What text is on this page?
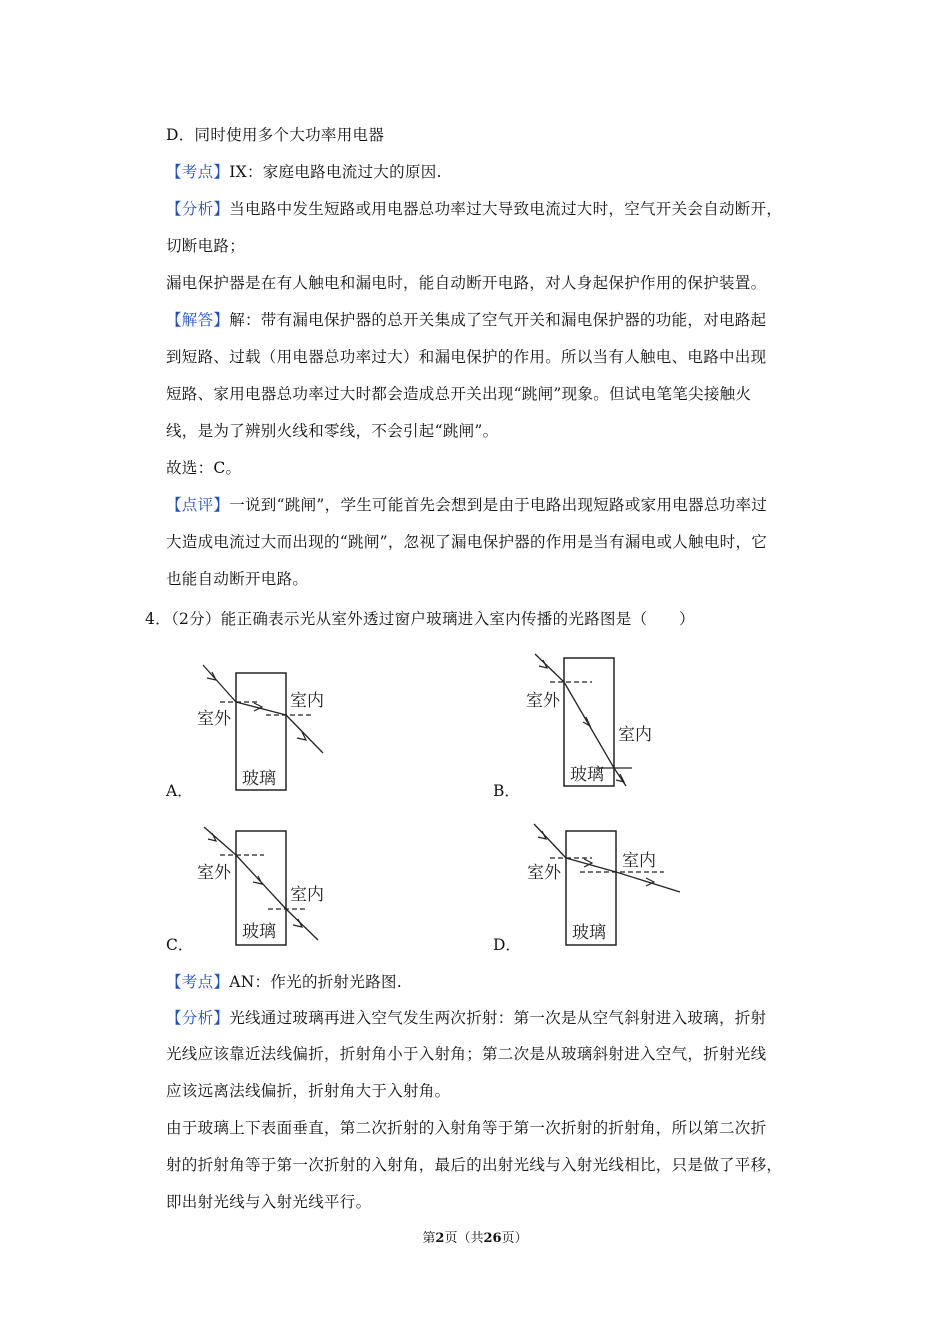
D．同时使用多个大功率用电器
【考点】IX：家庭电路电流过大的原因.
【分析】当电路中发生短路或用电器总功率过大导致电流过大时，空气开关会自动断开，
切断电路；
漏电保护器是在有人触电和漏电时，能自动断开电路，对人身起保护作用的保护装置。
【解答】解：带有漏电保护器的总开关集成了空气开关和漏电保护器的功能，对电路起
到短路、过载（用电器总功率过大）和漏电保护的作用。所以当有人触电、电路中出现
短路、家用电器总功率过大时都会造成总开关出现“跳闸”现象。但试电笔笔尖接触火
线，是为了辨别火线和零线，不会引起“跳闸”。
故选：C。
【点评】一说到“跳闸”，学生可能首先会想到是由于电路出现短路或家用电器总功率过
大造成电流过大而出现的“跳闸”，忽视了漏电保护器的作用是当有漏电或人触电时，它
也能自动断开电路。
4．（2分）能正确表示光从室外透过窗户玻璃进入室内传播的光路图是（　　）
室外
室内
玻璃
A．
室外
室内
玻璃
B．
室外
室内
玻璃
C．
室外
室内
玻璃
D．
【考点】AN：作光的折射光路图.
【分析】光线通过玻璃再进入空气发生两次折射：第一次是从空气斜射进入玻璃，折射
光线应该靠近法线偏折，折射角小于入射角；第二次是从玻璃斜射进入空气，折射光线
应该远离法线偏折，折射角大于入射角。
由于玻璃上下表面垂直，第二次折射的入射角等于第一次折射的折射角，所以第二次折
射的折射角等于第一次折射的入射角，最后的出射光线与入射光线相比，只是做了平移，
即出射光线与入射光线平行。
第2页（共26页）
